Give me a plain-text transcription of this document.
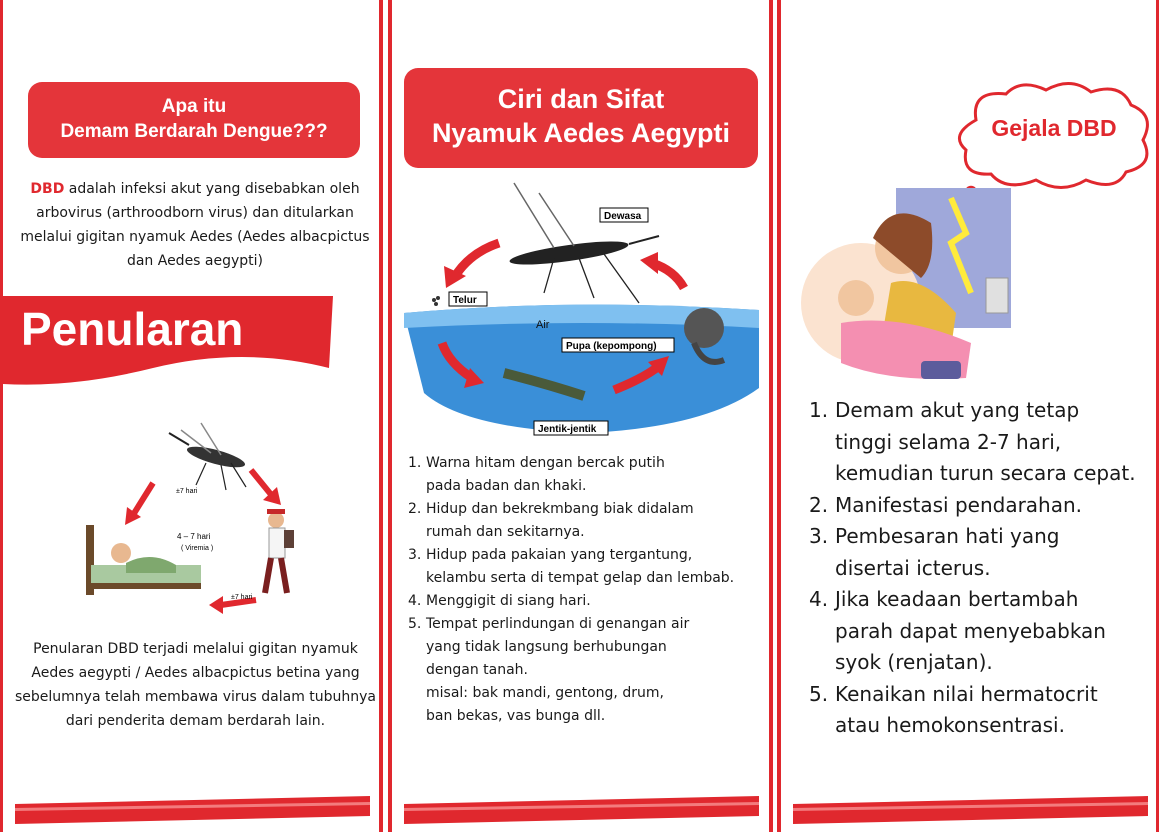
Apa itu
Demam Berdarah Dengue???

DBD adalah infeksi akut yang disebabkan oleh arbovirus (arthroodborn virus) dan ditularkan melalui gigitan nyamuk Aedes (Aedes albacpictus dan Aedes aegypti)

Penularan
±7 hari
4 – 7 hari
( Viremia )
±7 hari

Penularan DBD terjadi melalui gigitan nyamuk Aedes aegypti / Aedes albacpictus betina yang sebelumnya telah membawa virus dalam tubuhnya dari penderita demam berdarah lain.

Ciri dan Sifat
Nyamuk Aedes Aegypti
Dewasa
Telur
Air
Pupa (kepompong)
Jentik-jentik
1. Warna hitam dengan bercak putih
pada badan dan khaki.
2. Hidup dan bekrekmbang biak didalam
rumah dan sekitarnya.
3. Hidup pada pakaian yang tergantung,
kelambu serta di tempat gelap dan lembab.
4. Menggigit di siang hari.
5. Tempat perlindungan di genangan air
yang tidak langsung berhubungan
dengan tanah.
misal: bak mandi, gentong, drum,
ban bekas, vas bunga dll.
Gejala DBD
1. Demam akut yang tetap
tinggi selama 2-7 hari,
kemudian turun secara cepat.
2. Manifestasi pendarahan.
3. Pembesaran hati yang
disertai icterus.
4. Jika keadaan bertambah
parah dapat menyebabkan
syok (renjatan).
5. Kenaikan nilai hermatocrit
atau hemokonsentrasi.
